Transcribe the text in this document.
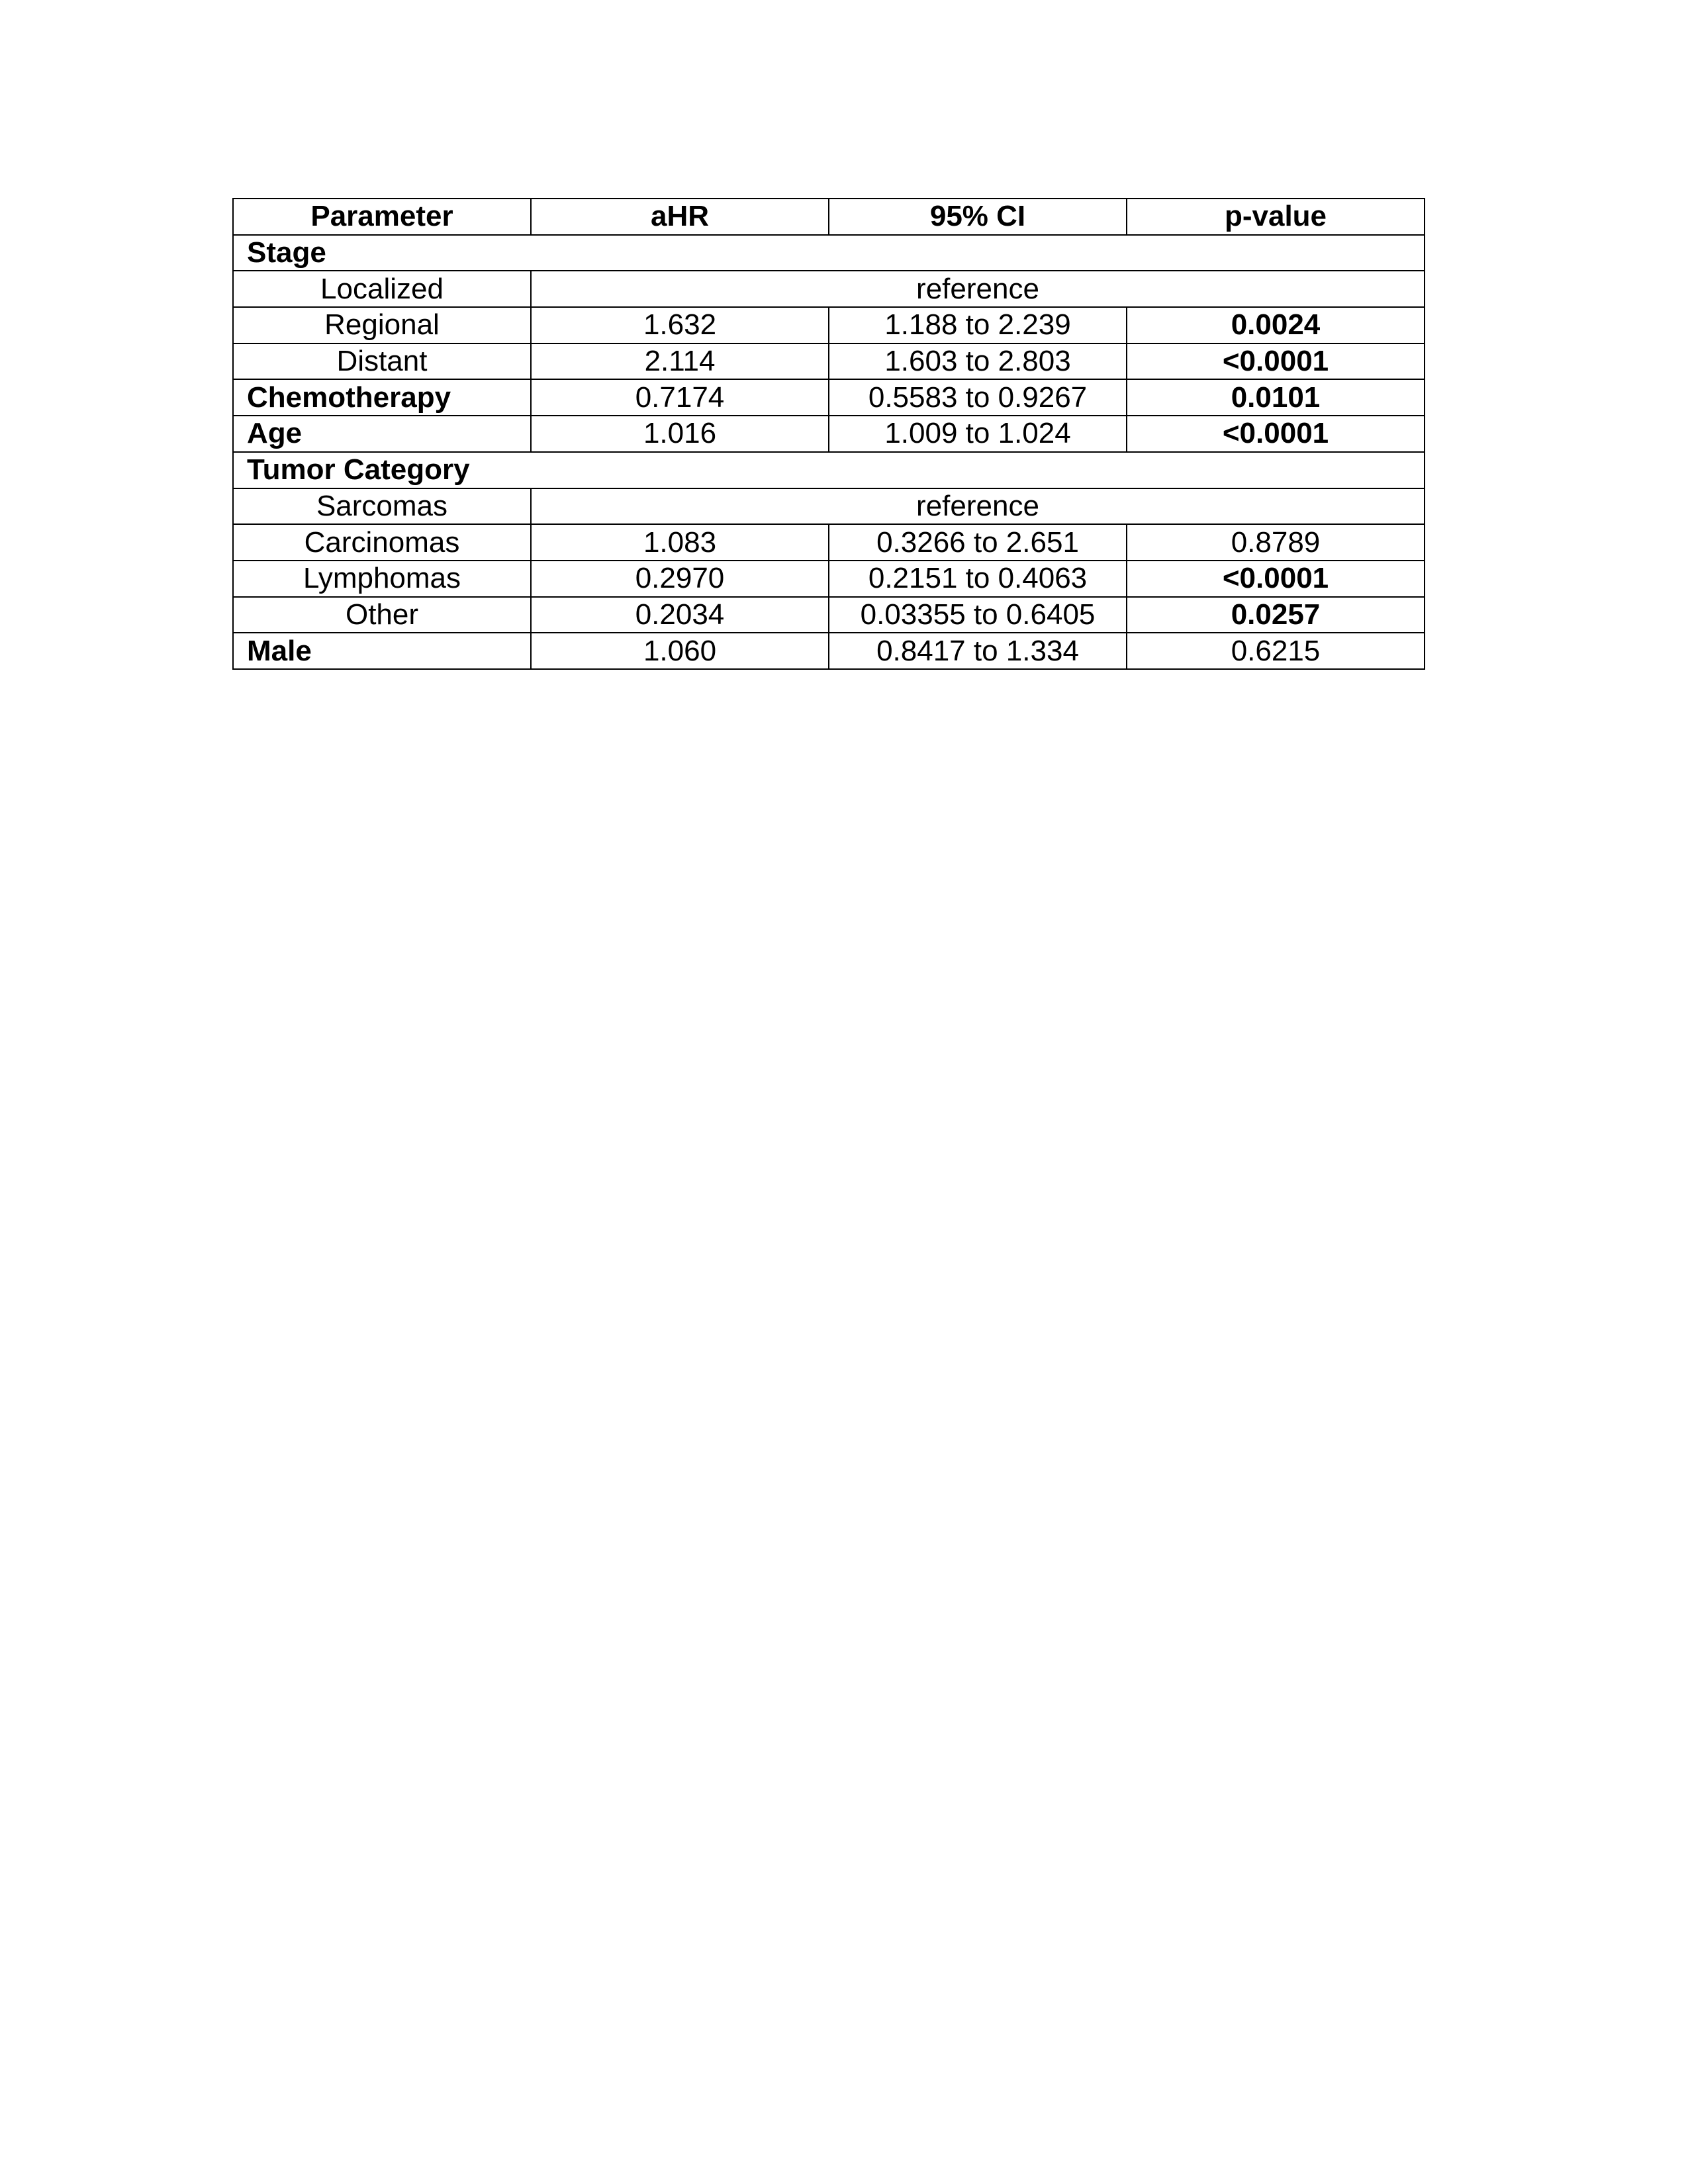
Parameter	aHR	95% CI	p-value
Stage			
Localized	reference		
Regional	1.632	1.188 to 2.239	0.0024
Distant	2.114	1.603 to 2.803	<0.0001
Chemotherapy	0.7174	0.5583 to 0.9267	0.0101
Age	1.016	1.009 to 1.024	<0.0001
Tumor Category			
Sarcomas	reference		
Carcinomas	1.083	0.3266 to 2.651	0.8789
Lymphomas	0.2970	0.2151 to 0.4063	<0.0001
Other	0.2034	0.03355 to 0.6405	0.0257
Male	1.060	0.8417 to 1.334	0.6215
